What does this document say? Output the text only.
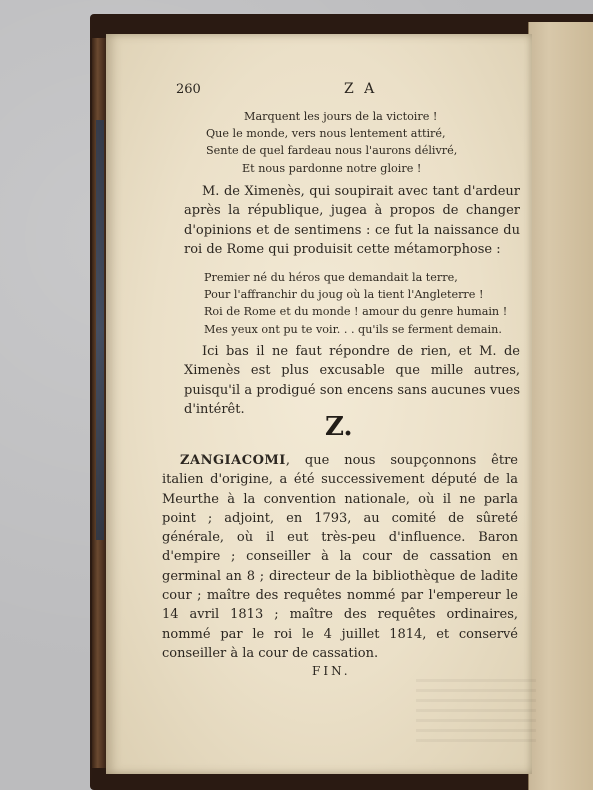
260	Z A
Marquent les jours de la victoire !
Que le monde, vers nous lentement attiré,
Sente de quel fardeau nous l'aurons délivré,
Et nous pardonne notre gloire !

M. de Ximenès, qui soupirait avec tant d'ardeur après la république, jugea à propos de changer d'opinions et de sentimens : ce fut la naissance du roi de Rome qui produisit cette métamorphose :

Premier né du héros que demandait la terre,
Pour l'affranchir du joug où la tient l'Angleterre !
Roi de Rome et du monde ! amour du genre humain !
Mes yeux ont pu te voir. . . qu'ils se ferment demain.

Ici bas il ne faut répondre de rien, et M. de Ximenès est plus excusable que mille autres, puisqu'il a prodigué son encens sans aucunes vues d'intérêt.

Z.

ZANGIACOMI, que nous soupçonnons être italien d'origine, a été successivement député de la Meurthe à la convention nationale, où il ne parla point ; adjoint, en 1793, au comité de sûreté générale, où il eut très-peu d'influence. Baron d'empire ; conseiller à la cour de cassation en germinal an 8 ; directeur de la bibliothèque de ladite cour ; maître des requêtes nommé par l'empereur le 14 avril 1813 ; maître des requêtes ordinaires, nommé par le roi le 4 juillet 1814, et conservé conseiller à la cour de cassation.

FIN.
